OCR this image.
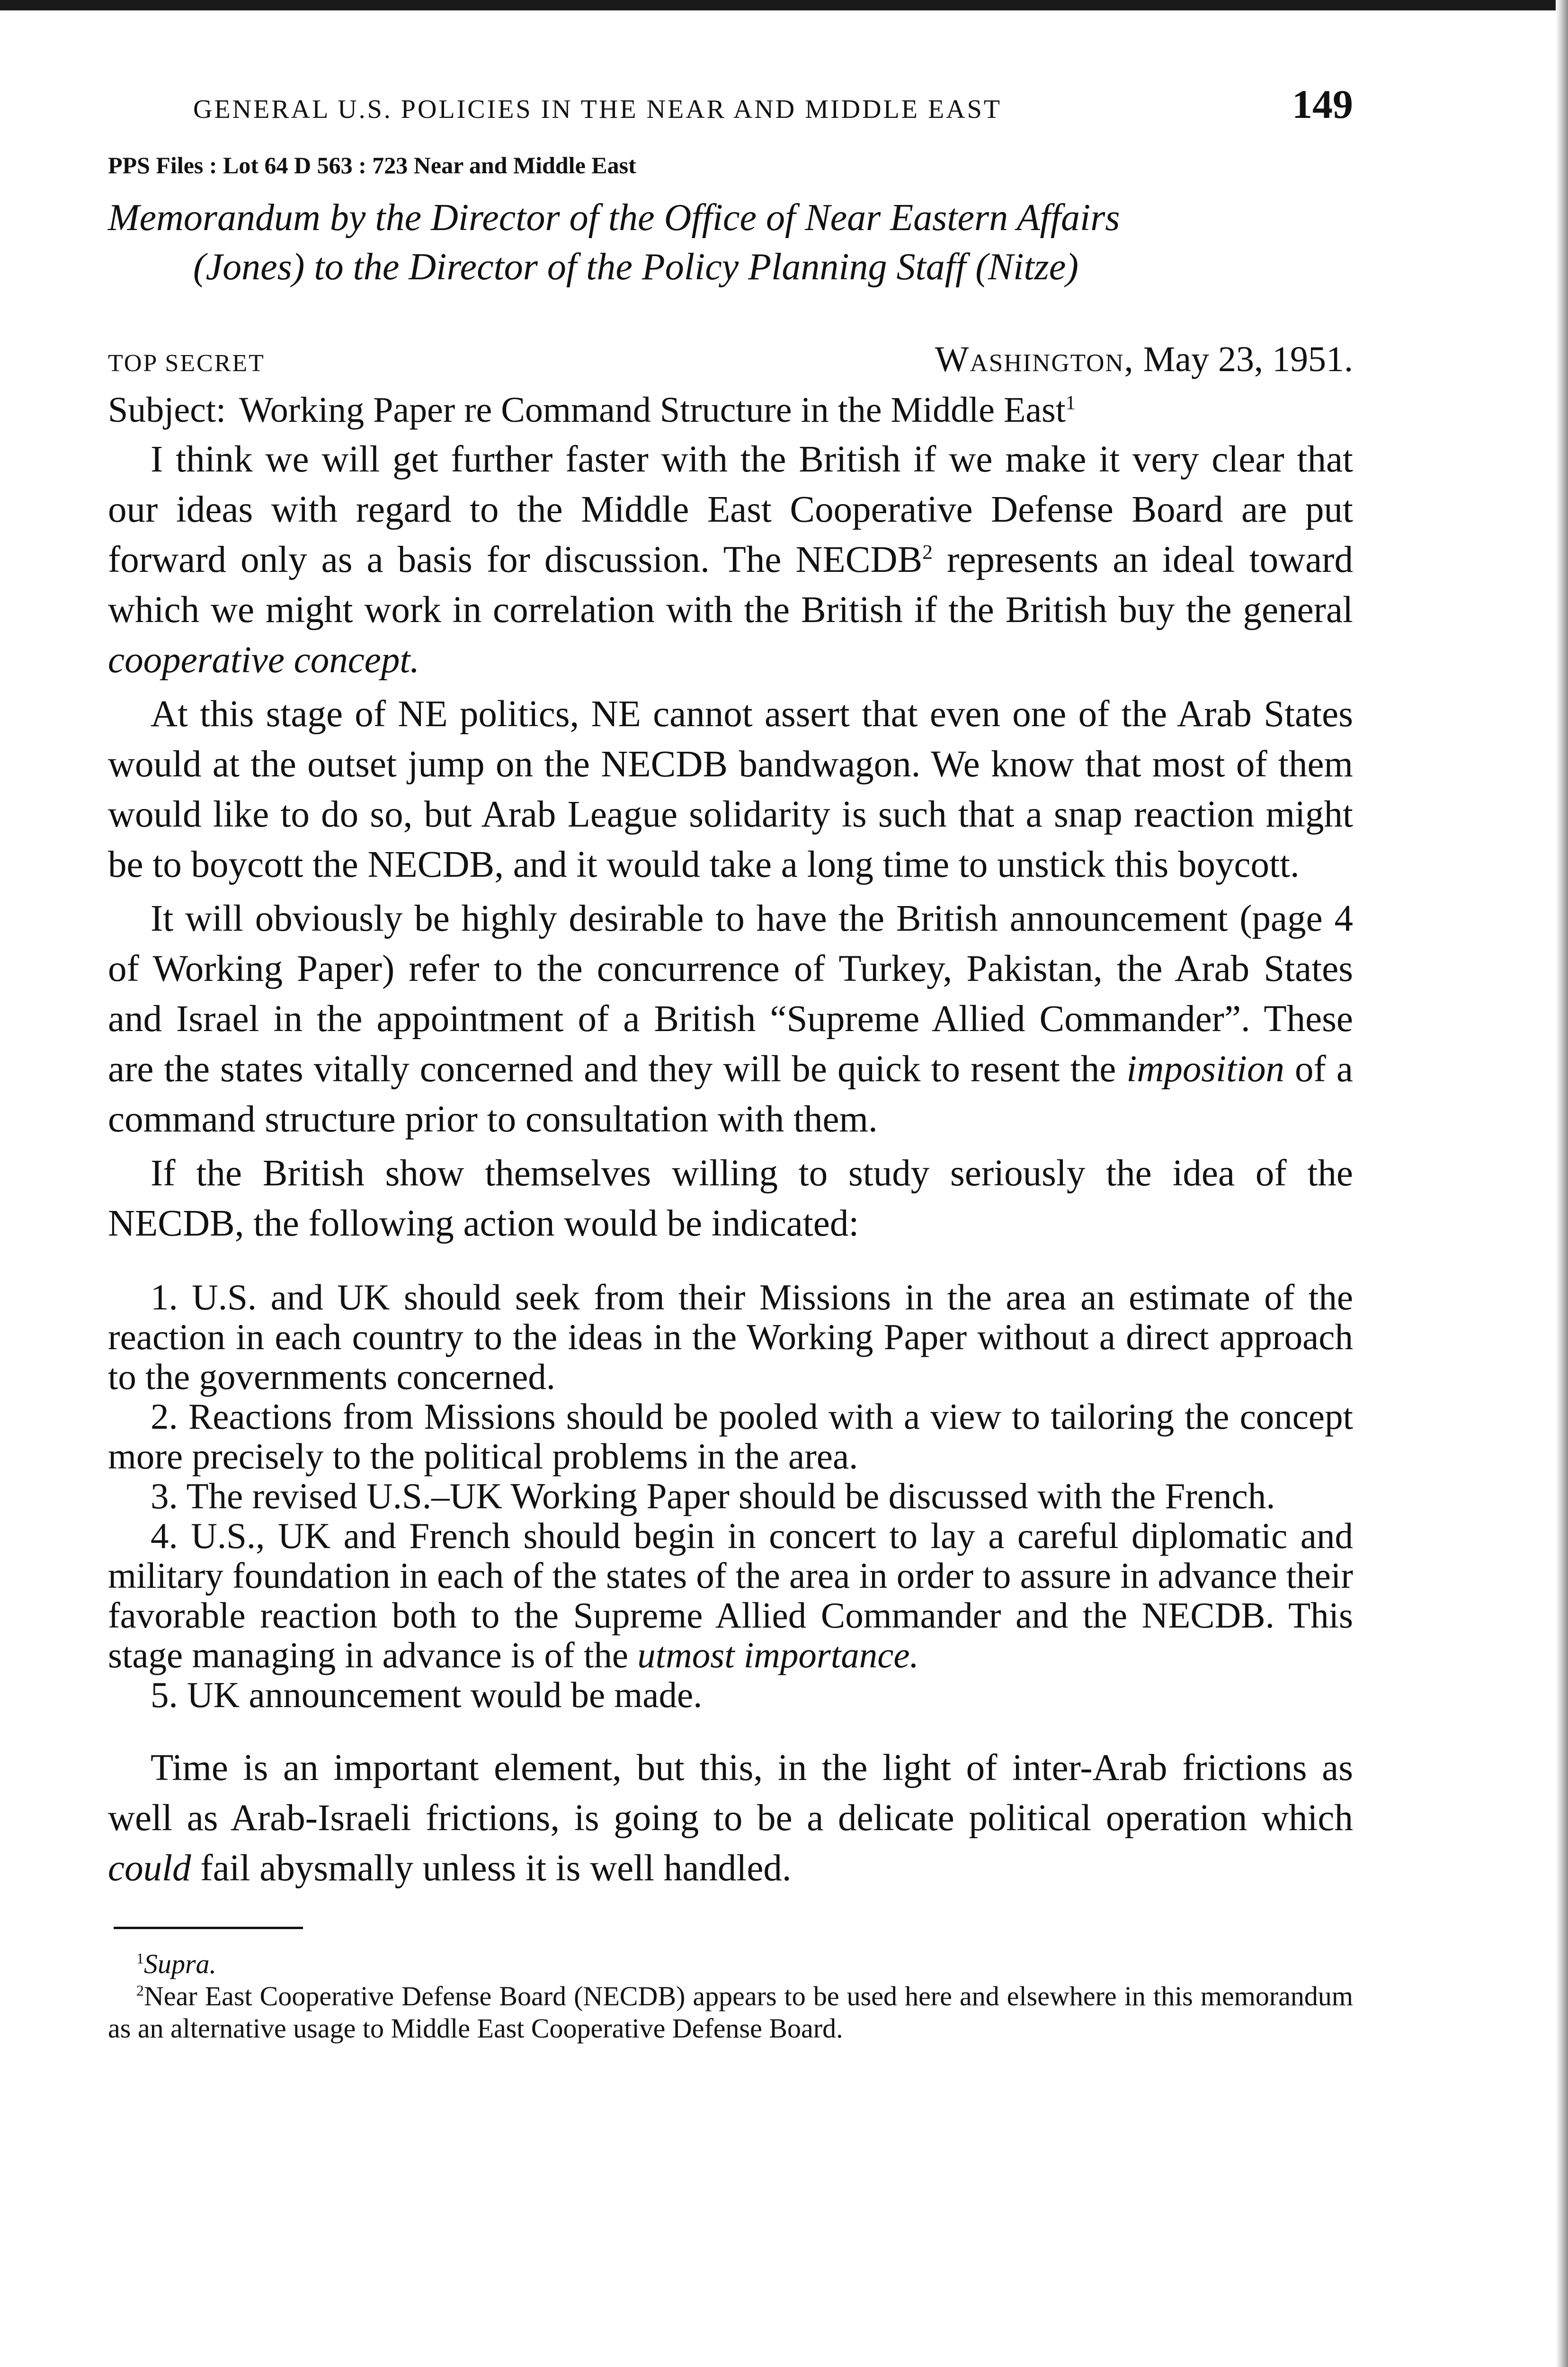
GENERAL U.S. POLICIES IN THE NEAR AND MIDDLE EAST	149
PPS Files : Lot 64 D 563 : 723 Near and Middle East
Memorandum by the Director of the Office of Near Eastern Affairs
(Jones) to the Director of the Policy Planning Staff (Nitze)
TOP SECRET	Washington, May 23, 1951.
Subject: Working Paper re Command Structure in the Middle East$^1$

I think we will get further faster with the British if we make it very clear that our ideas with regard to the Middle East Cooperative Defense Board are put forward only as a basis for discussion. The NECDB$^2$ represents an ideal toward which we might work in correlation with the British if the British buy the general cooperative concept.

At this stage of NE politics, NE cannot assert that even one of the Arab States would at the outset jump on the NECDB bandwagon. We know that most of them would like to do so, but Arab League solidarity is such that a snap reaction might be to boycott the NECDB, and it would take a long time to unstick this boycott.

It will obviously be highly desirable to have the British announcement (page 4 of Working Paper) refer to the concurrence of Turkey, Pakistan, the Arab States and Israel in the appointment of a British “Supreme Allied Commander”. These are the states vitally concerned and they will be quick to resent the imposition of a command structure prior to consultation with them.

If the British show themselves willing to study seriously the idea of the NECDB, the following action would be indicated:

1. U.S. and UK should seek from their Missions in the area an estimate of the reaction in each country to the ideas in the Working Paper without a direct approach to the governments concerned.
2. Reactions from Missions should be pooled with a view to tailoring the concept more precisely to the political problems in the area.
3. The revised U.S.–UK Working Paper should be discussed with the French.
4. U.S., UK and French should begin in concert to lay a careful diplomatic and military foundation in each of the states of the area in order to assure in advance their favorable reaction both to the Supreme Allied Commander and the NECDB. This stage managing in advance is of the utmost importance.
5. UK announcement would be made.

Time is an important element, but this, in the light of inter-Arab frictions as well as Arab-Israeli frictions, is going to be a delicate political operation which could fail abysmally unless it is well handled.

$^1$Supra.

$^2$Near East Cooperative Defense Board (NECDB) appears to be used here and elsewhere in this memorandum as an alternative usage to Middle East Cooperative Defense Board.
